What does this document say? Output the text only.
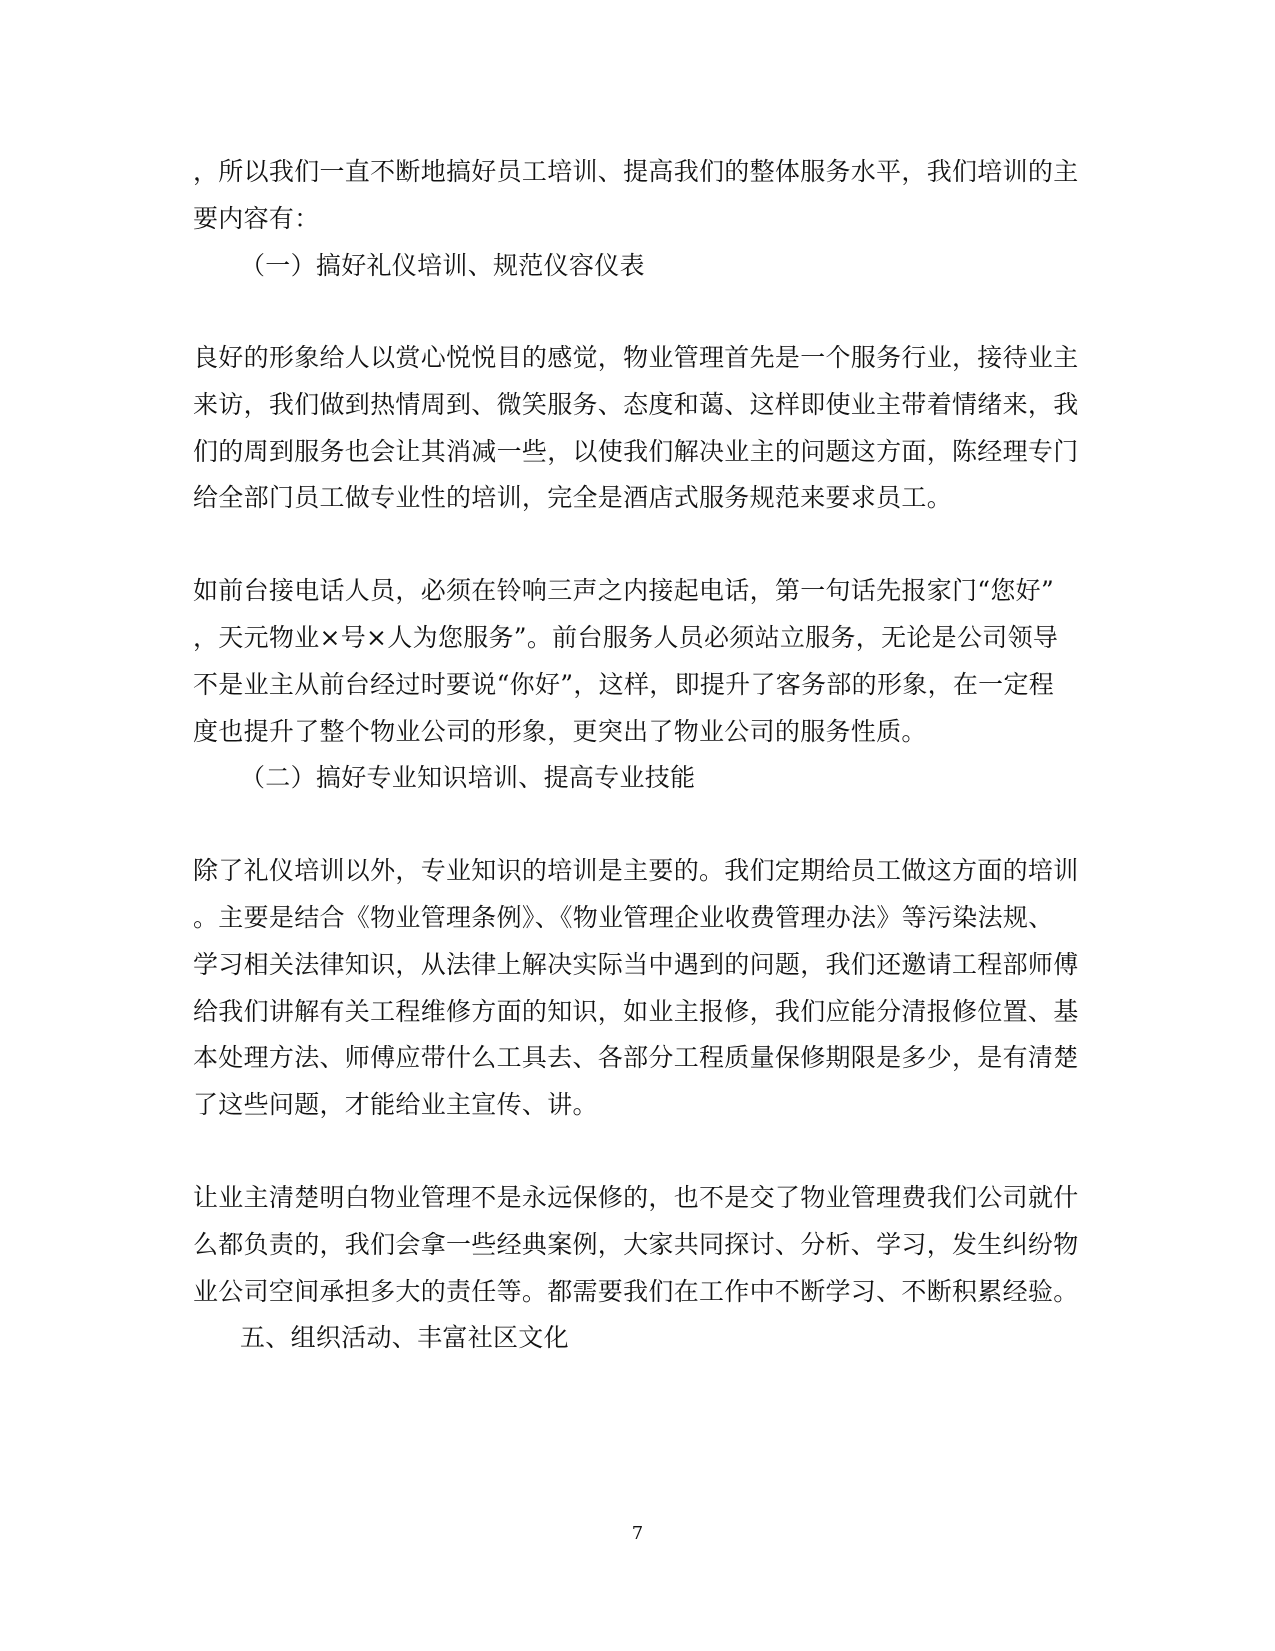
，所以我们一直不断地搞好员工培训、提高我们的整体服务水平，我们培训的主
要内容有：
（一）搞好礼仪培训、规范仪容仪表
良好的形象给人以赏心悦悦目的感觉，物业管理首先是一个服务行业，接待业主
来访，我们做到热情周到、微笑服务、态度和蔼、这样即使业主带着情绪来，我
们的周到服务也会让其消减一些，以使我们解决业主的问题这方面，陈经理专门
给全部门员工做专业性的培训，完全是酒店式服务规范来要求员工。
如前台接电话人员，必须在铃响三声之内接起电话，第一句话先报家门“您好”
，天元物业×号×人为您服务”。前台服务人员必须站立服务，无论是公司领导
不是业主从前台经过时要说“你好”，这样，即提升了客务部的形象，在一定程
度也提升了整个物业公司的形象，更突出了物业公司的服务性质。
（二）搞好专业知识培训、提高专业技能
除了礼仪培训以外，专业知识的培训是主要的。我们定期给员工做这方面的培训
。主要是结合《物业管理条例》、《物业管理企业收费管理办法》等污染法规、
学习相关法律知识，从法律上解决实际当中遇到的问题，我们还邀请工程部师傅
给我们讲解有关工程维修方面的知识，如业主报修，我们应能分清报修位置、基
本处理方法、师傅应带什么工具去、各部分工程质量保修期限是多少，是有清楚
了这些问题，才能给业主宣传、讲。
让业主清楚明白物业管理不是永远保修的，也不是交了物业管理费我们公司就什
么都负责的，我们会拿一些经典案例，大家共同探讨、分析、学习，发生纠纷物
业公司空间承担多大的责任等。都需要我们在工作中不断学习、不断积累经验。
五、组织活动、丰富社区文化
7
